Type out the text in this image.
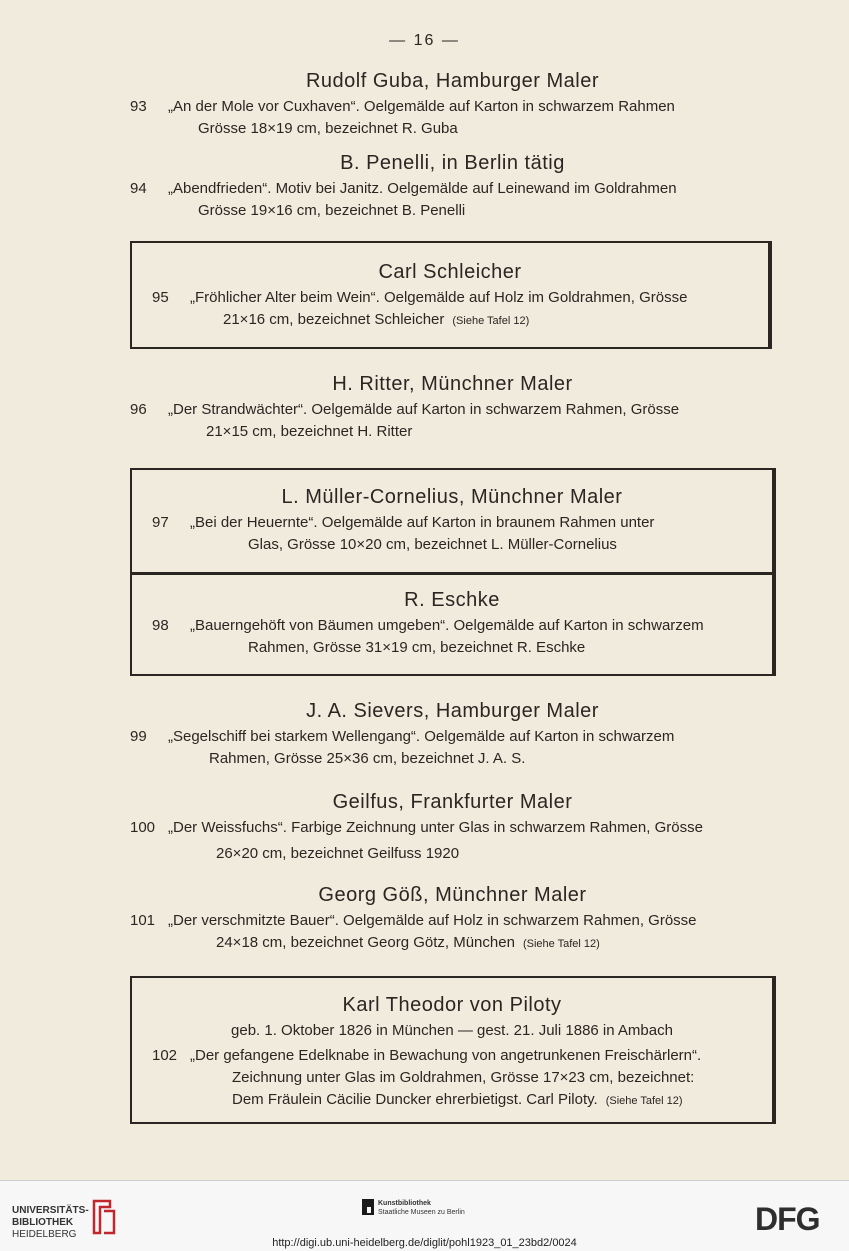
— 16 —
Rudolf Guba, Hamburger Maler
93	„An der Mole vor Cuxhaven“. Oelgemälde auf Karton in schwarzem Rahmen
Grösse 18×19 cm, bezeichnet R. Guba
B. Penelli, in Berlin tätig
94	„Abendfrieden“. Motiv bei Janitz. Oelgemälde auf Leinewand im Goldrahmen
Grösse 19×16 cm, bezeichnet B. Penelli
Carl Schleicher
95	„Fröhlicher Alter beim Wein“. Oelgemälde auf Holz im Goldrahmen, Grösse
21×16 cm, bezeichnet Schleicher (Siehe Tafel 12)
H. Ritter, Münchner Maler
96	„Der Strandwächter“. Oelgemälde auf Karton in schwarzem Rahmen, Grösse
21×15 cm, bezeichnet H. Ritter
L. Müller-Cornelius, Münchner Maler
97	„Bei der Heuernte“. Oelgemälde auf Karton in braunem Rahmen unter
Glas, Grösse 10×20 cm, bezeichnet L. Müller-Cornelius
R. Eschke
98	„Bauerngehöft von Bäumen umgeben“. Oelgemälde auf Karton in schwarzem
Rahmen, Grösse 31×19 cm, bezeichnet R. Eschke
J. A. Sievers, Hamburger Maler
99	„Segelschiff bei starkem Wellengang“. Oelgemälde auf Karton in schwarzem
Rahmen, Grösse 25×36 cm, bezeichnet J. A. S.
Geilfus, Frankfurter Maler
100 „Der Weissfuchs“. Farbige Zeichnung unter Glas in schwarzem Rahmen, Grösse
26×20 cm, bezeichnet Geilfuss 1920
Georg Göß, Münchner Maler
101 „Der verschmitzte Bauer“. Oelgemälde auf Holz in schwarzem Rahmen, Grösse
24×18 cm, bezeichnet Georg Götz, München (Siehe Tafel 12)
Karl Theodor von Piloty
geb. 1. Oktober 1826 in München — gest. 21. Juli 1886 in Ambach
102 „Der gefangene Edelknabe in Bewachung von angetrunkenen Freischärlern“.
Zeichnung unter Glas im Goldrahmen, Grösse 17×23 cm, bezeichnet:
Dem Fräulein Cäcilie Duncker ehrerbietigst. Carl Piloty. (Siehe Tafel 12)
UNIVERSITÄTS-
BIBLIOTHEK
HEIDELBERG
Kunstbibliothek
Staatliche Museen zu Berlin	DFG
http://digi.ub.uni-heidelberg.de/diglit/pohl1923_01_23bd2/0024
